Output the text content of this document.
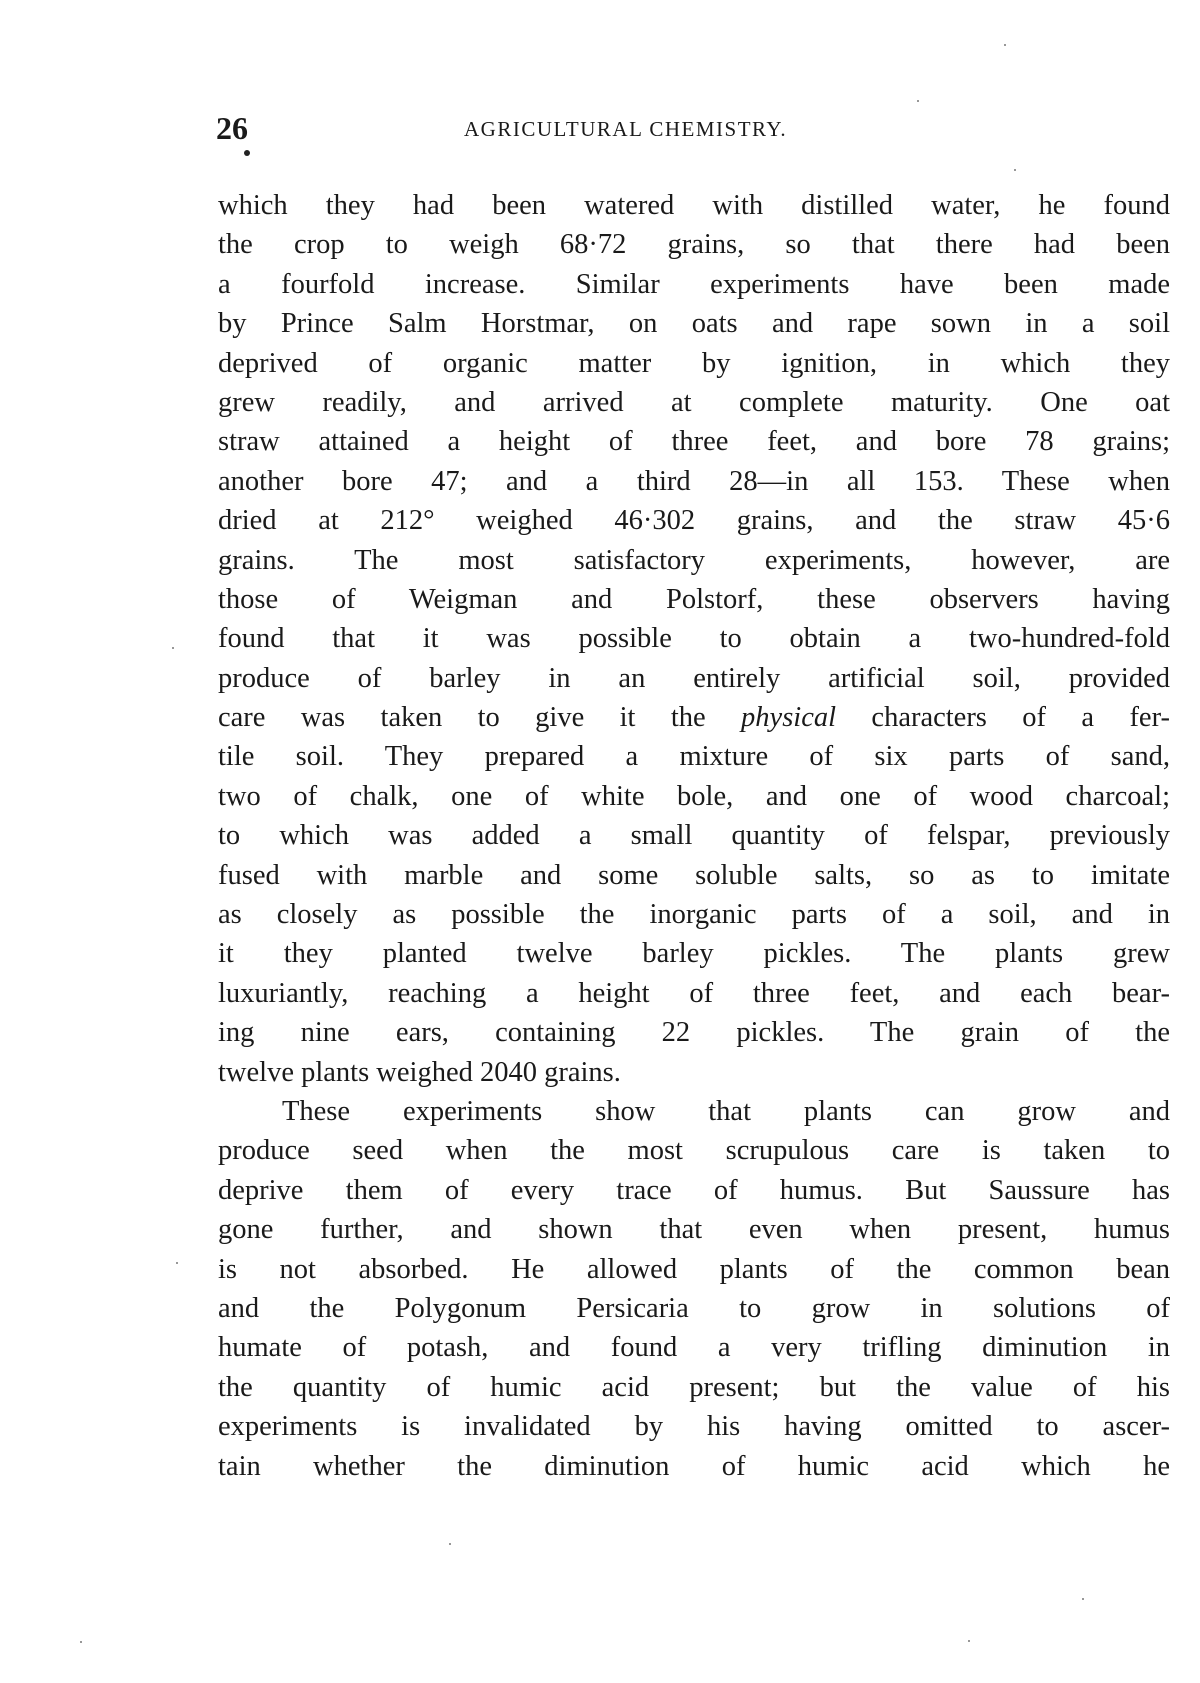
26	AGRICULTURAL CHEMISTRY.
which they had been watered with distilled water, he found
the crop to weigh 68·72 grains, so that there had been
a fourfold increase. Similar experiments have been made
by Prince Salm Horstmar, on oats and rape sown in a soil
deprived of organic matter by ignition, in which they
grew readily, and arrived at complete maturity. One oat
straw attained a height of three feet, and bore 78 grains;
another bore 47; and a third 28—in all 153. These when
dried at 212° weighed 46·302 grains, and the straw 45·6
grains. The most satisfactory experiments, however, are
those of Weigman and Polstorf, these observers having
found that it was possible to obtain a two-hundred-fold
produce of barley in an entirely artificial soil, provided
care was taken to give it the physical characters of a fer-
tile soil. They prepared a mixture of six parts of sand,
two of chalk, one of white bole, and one of wood charcoal;
to which was added a small quantity of felspar, previously
fused with marble and some soluble salts, so as to imitate
as closely as possible the inorganic parts of a soil, and in
it they planted twelve barley pickles. The plants grew
luxuriantly, reaching a height of three feet, and each bear-
ing nine ears, containing 22 pickles. The grain of the
twelve plants weighed 2040 grains.
These experiments show that plants can grow and
produce seed when the most scrupulous care is taken to
deprive them of every trace of humus. But Saussure has
gone further, and shown that even when present, humus
is not absorbed. He allowed plants of the common bean
and the Polygonum Persicaria to grow in solutions of
humate of potash, and found a very trifling diminution in
the quantity of humic acid present; but the value of his
experiments is invalidated by his having omitted to ascer-
tain whether the diminution of humic acid which he
